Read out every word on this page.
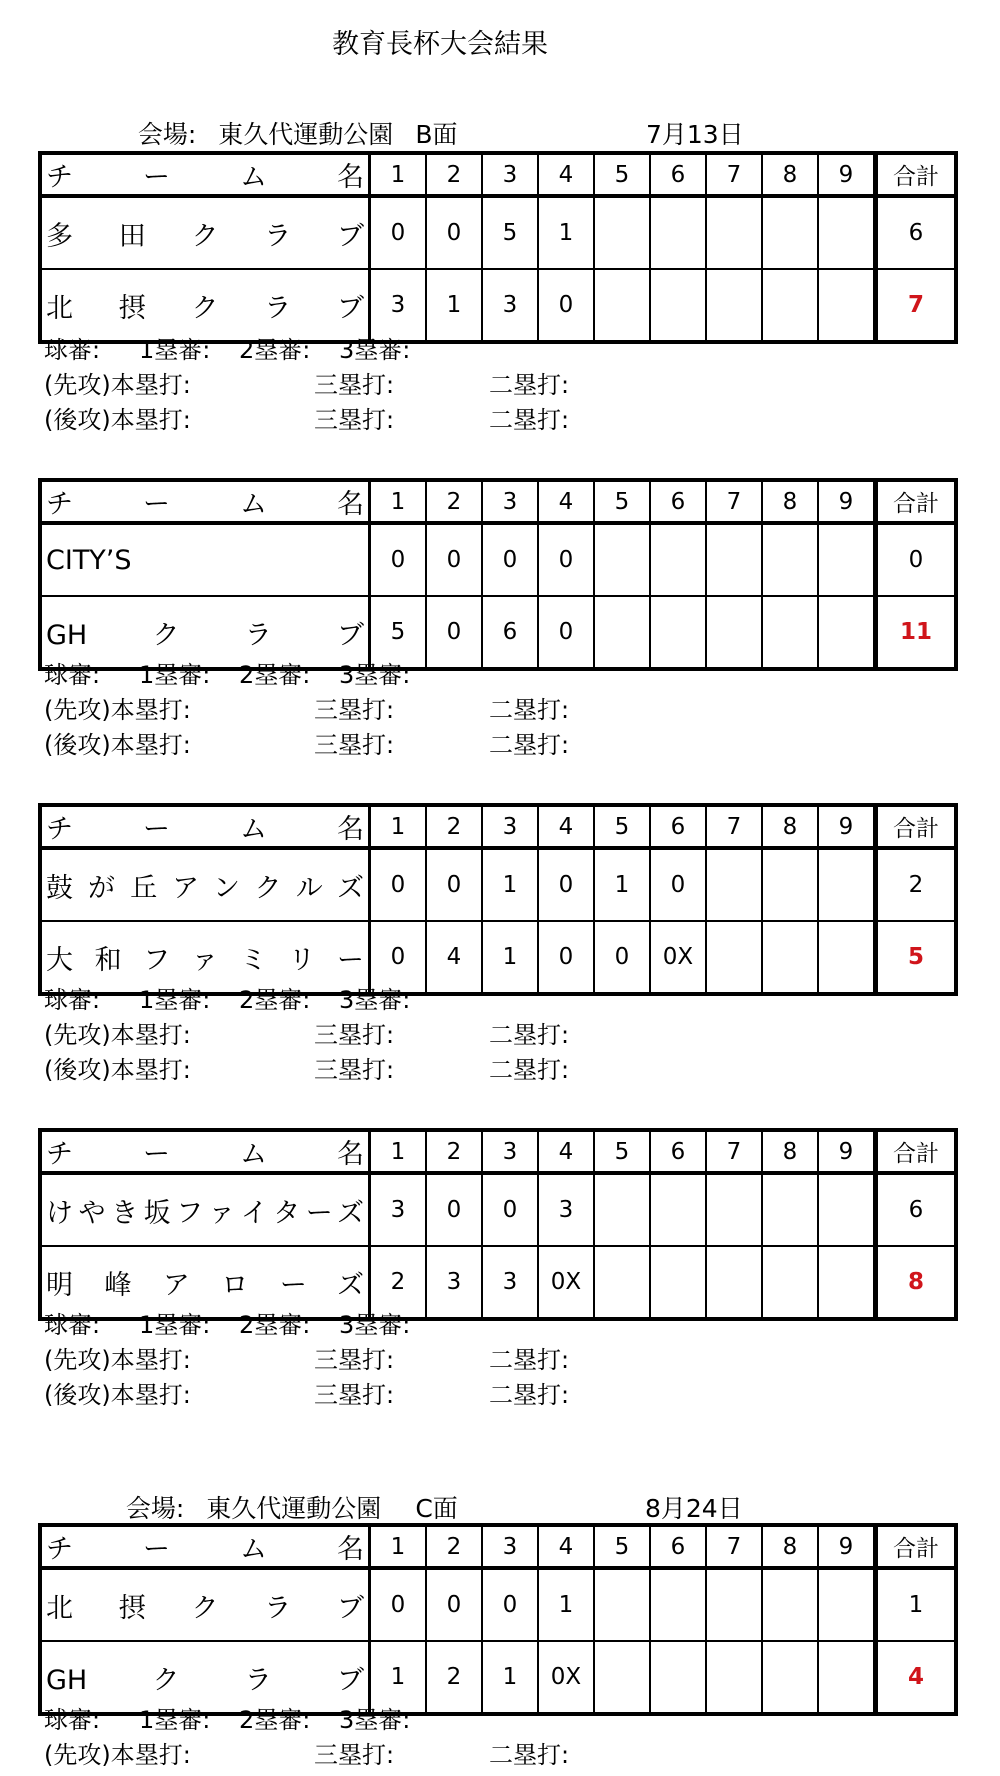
教育長杯大会結果

会場: 東久代運動公園 B面	7月13日

会場: 東久代運動公園 C面	8月24日

チ　ー　ム　名	1	2	3	4	5	6	7	8	9	合計
多田クラブ	0	0	5	1						6
北摂クラブ	3	1	3	0						7
球審: 1塁審: 2塁審: 3塁審:
(先攻)本塁打:	三塁打:	二塁打:
(後攻)本塁打:	三塁打:	二塁打:
チ　ー　ム　名	1	2	3	4	5	6	7	8	9	合計
CITY’S	0	0	0	0						0
GHクラブ	5	0	6	0						11
球審: 1塁審: 2塁審: 3塁審:
(先攻)本塁打:	三塁打:	二塁打:
(後攻)本塁打:	三塁打:	二塁打:
チ　ー　ム　名	1	2	3	4	5	6	7	8	9	合計
鼓が丘アンクルズ	0	0	1	0	1	0				2
大和ファミリー	0	4	1	0	0	0X				5
球審: 1塁審: 2塁審: 3塁審:
(先攻)本塁打:	三塁打:	二塁打:
(後攻)本塁打:	三塁打:	二塁打:
チ　ー　ム　名	1	2	3	4	5	6	7	8	9	合計
けやき坂ファイターズ	3	0	0	3						6
明峰アローズ	2	3	3	0X						8
球審: 1塁審: 2塁審: 3塁審:
(先攻)本塁打:	三塁打:	二塁打:
(後攻)本塁打:	三塁打:	二塁打:
チ　ー　ム　名	1	2	3	4	5	6	7	8	9	合計
北摂クラブ	0	0	0	1						1
GHクラブ	1	2	1	0X						4
球審: 1塁審: 2塁審: 3塁審:
(先攻)本塁打:	三塁打:	二塁打:
